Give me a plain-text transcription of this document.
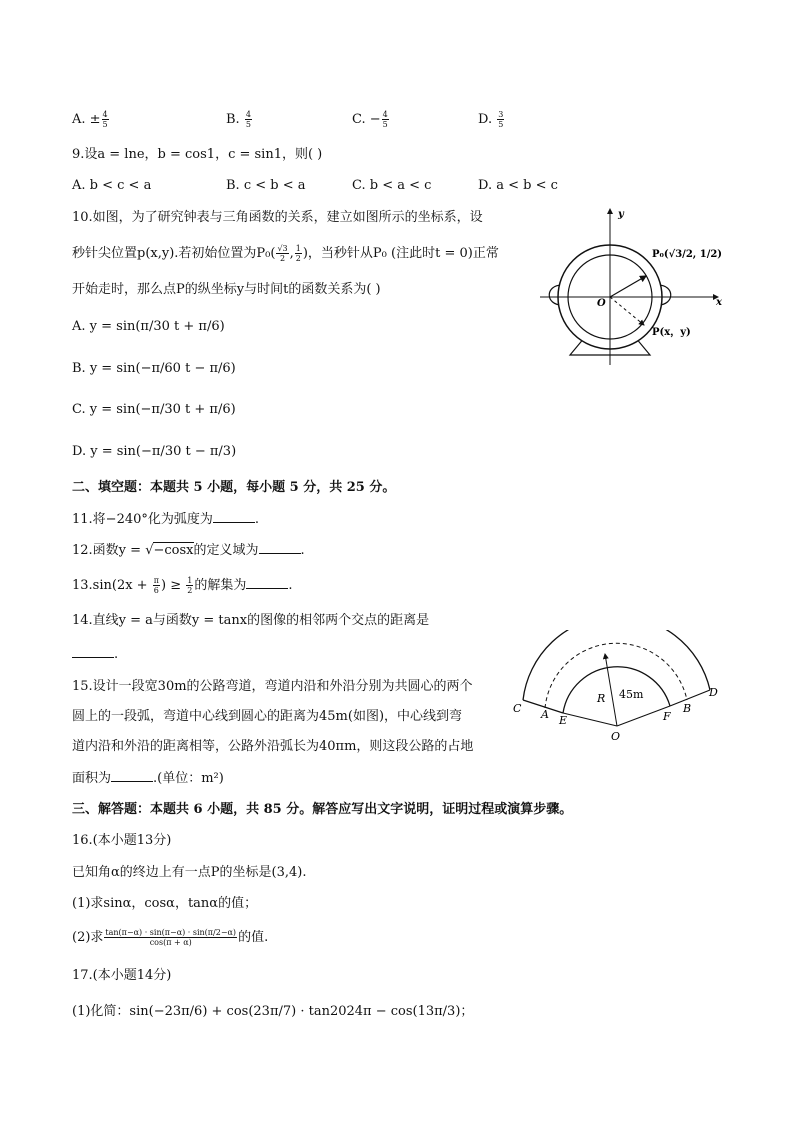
A. ± $\frac{4}{5}$	B. $\frac{4}{5}$	C. − $\frac{4}{5}$	D. $\frac{3}{5}$
9.设a = lne，b = cos1，c = sin1，则( )
A. b < c < a	B. c < b < a	C. b < a < c	D. a < b < c
10.如图，为了研究钟表与三角函数的关系，建立如图所示的坐标系，设
秒针尖位置p(x,y).若初始位置为$P_0( \frac{√3}{2}$ , $\frac{1}{2}$ )，当秒针从P₀ (注此时t = 0)正常
开始走时，那么点P的纵坐标y与时间t的函数关系为( )
A. y = sin(π/30 t + π/6)
B. y = sin(−π/60 t − π/6)
C. y = sin(−π/30 t + π/6)
D. y = sin(−π/30 t − π/3)
y
x
O
P₀(√3/2, 1/2)
P(x，y)
二、填空题：本题共 5 小题，每小题 5 分，共 25 分。
11.将−240°化为弧度为	.
12.函数y = √−cosx的定义域为	.
$13.\sin(2x + \frac{\pi}{6}$ ) ≥ $\frac{1}{2}$ 的解集为	.
14.直线y = a与函数y = tanx的图像的相邻两个交点的距离是
.
15.设计一段宽30m的公路弯道，弯道内沿和外沿分别为共圆心的两个
圆上的一段弧，弯道中心线到圆心的距离为45m(如图)，中心线到弯
道内沿和外沿的距离相等，公路外沿弧长为40πm，则这段公路的占地
面积为	.(单位：m²)
C A E
R 45m
O
F
B
D
三、解答题：本题共 6 小题，共 85 分。解答应写出文字说明，证明过程或演算步骤。
16.(本小题13分)
已知角α的终边上有一点P的坐标是(3,4).
(1)求sinα，cosα，tanα的值；
(2)求 $\frac{\tan(\pi-\alpha) \cdot \sin(\pi-\alpha) \cdot \sin(\pi/2-\alpha)}{\cos(\pi + \alpha)}$ 的值.
17.(本小题14分)
(1)化简：sin(−23π/6) + cos(23π/7) · tan2024π − cos(13π/3)；
